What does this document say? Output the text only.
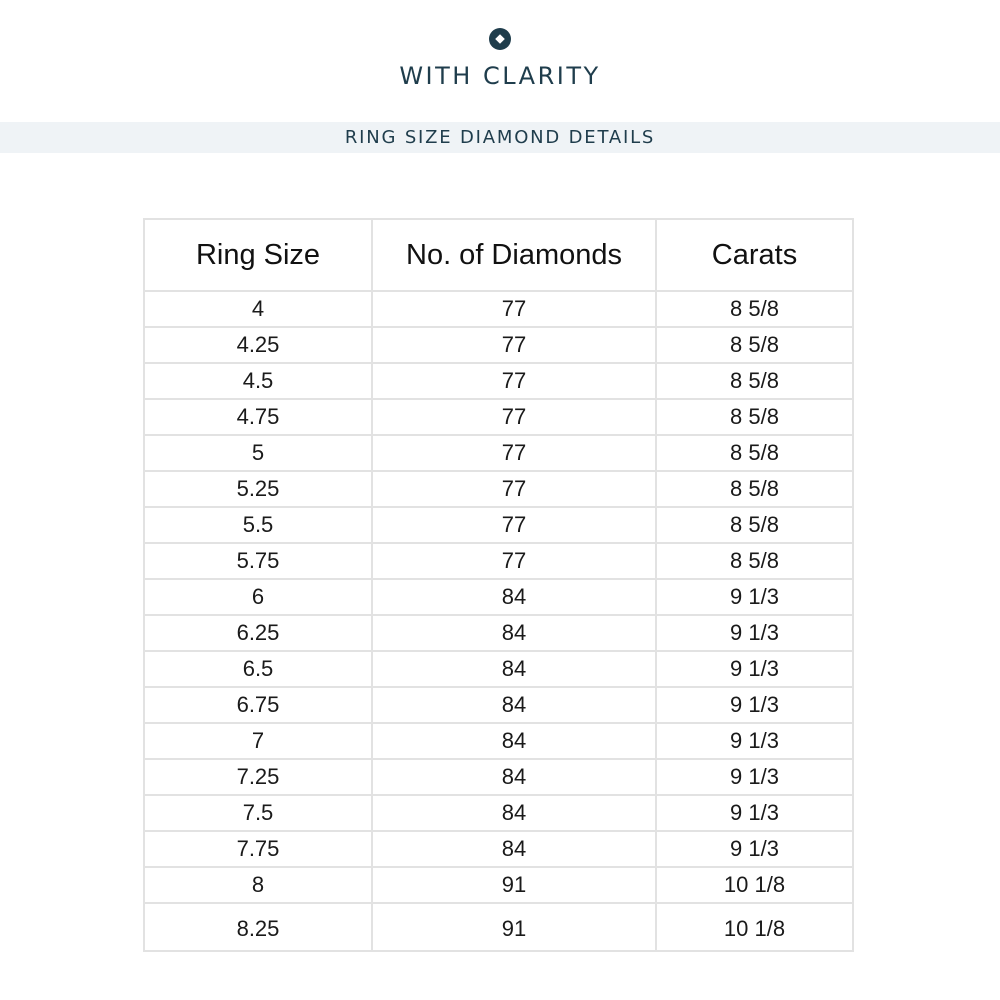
WITH CLARITY
RING SIZE DIAMOND DETAILS
Ring Size	No. of Diamonds	Carats
4	77	8 5/8
4.25	77	8 5/8
4.5	77	8 5/8
4.75	77	8 5/8
5	77	8 5/8
5.25	77	8 5/8
5.5	77	8 5/8
5.75	77	8 5/8
6	84	9 1/3
6.25	84	9 1/3
6.5	84	9 1/3
6.75	84	9 1/3
7	84	9 1/3
7.25	84	9 1/3
7.5	84	9 1/3
7.75	84	9 1/3
8	91	10 1/8
8.25	91	10 1/8
